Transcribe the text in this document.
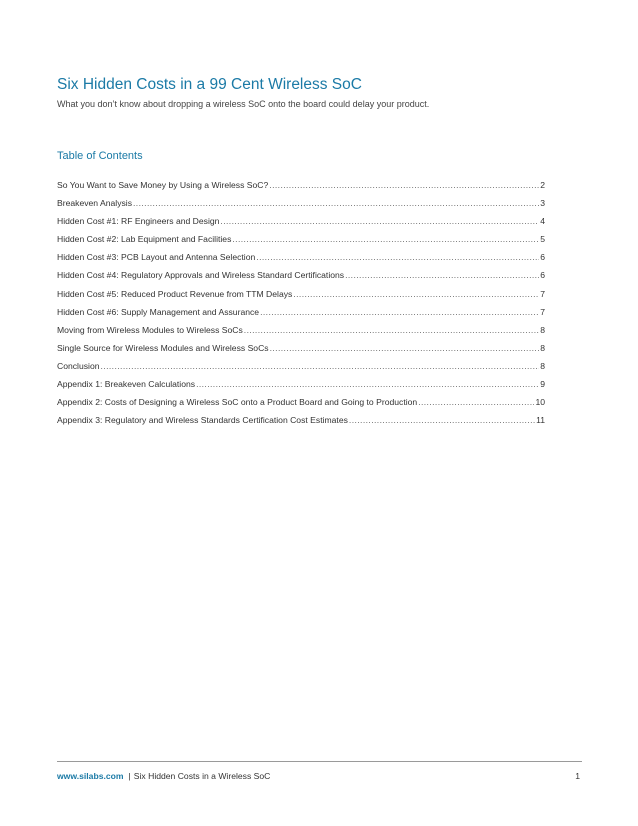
Six Hidden Costs in a 99 Cent Wireless SoC
What you don’t know about dropping a wireless SoC onto the board could delay your product.
Table of Contents
So You Want to Save Money by Using a Wireless SoC? .....	2
Breakeven Analysis .....	3
Hidden Cost #1: RF Engineers and Design .....	4
Hidden Cost #2: Lab Equipment and Facilities .....	5
Hidden Cost #3: PCB Layout and Antenna Selection .....	6
Hidden Cost #4: Regulatory Approvals and Wireless Standard Certifications .....	6
Hidden Cost #5: Reduced Product Revenue from TTM Delays .....	7
Hidden Cost #6: Supply Management and Assurance .....	7
Moving from Wireless Modules to Wireless SoCs .....	8
Single Source for Wireless Modules and Wireless SoCs .....	8
Conclusion .....	8
Appendix 1: Breakeven Calculations .....	9
Appendix 2: Costs of Designing a Wireless SoC onto a Product Board and Going to Production .....	10
Appendix 3: Regulatory and Wireless Standards Certification Cost Estimates .....	11
www.silabs.com | Six Hidden Costs in a Wireless SoC	1
